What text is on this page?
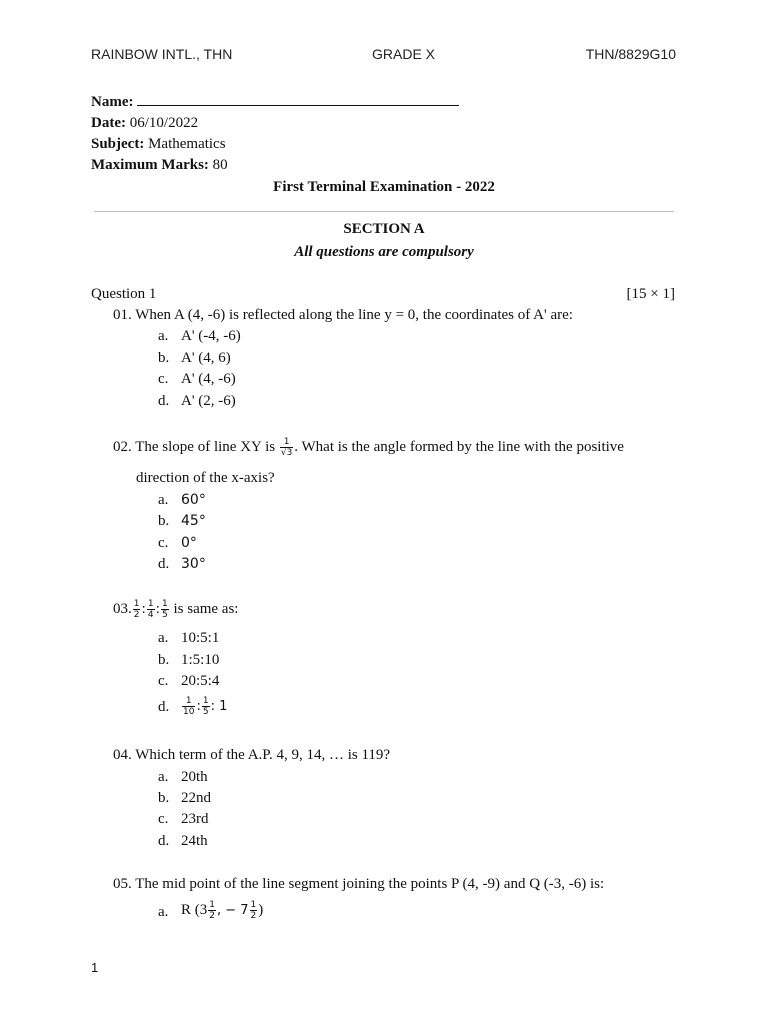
RAINBOW INTL., THN	GRADE X	THN/8829G10
Name:
Date: 06/10/2022
Subject: Mathematics
Maximum Marks: 80
First Terminal Examination - 2022
SECTION A
All questions are compulsory
Question 1	[15 × 1]
01. When A (4, -6) is reflected along the line y = 0, the coordinates of A' are:
a. A' (-4, -6)
b. A' (4, 6)
c. A' (4, -6)
d. A' (2, -6)
02. The slope of line XY is $\frac{1}{√3}$ . What is the angle formed by the line with the positive
direction of the x-axis?
a. 60°
b. 45°
c. 0°
d. 30°
03. $\frac{1}{2}$ : $\frac{1}{4}$ : $\frac{1}{5}$ is same as:
a. 10:5:1
b. 1:5:10
c. 20:5:4
d. $\frac{1}{10}$ : $\frac{1}{5}$ : 1
04. Which term of the A.P. 4, 9, 14, … is 119?
a. 20th
b. 22nd
c. 23rd
d. 24th
05. The mid point of the line segment joining the points P (4, -9) and Q (-3, -6) is:
a. R ($3 \frac{1}{2}$ , − $7 \frac{1}{2}$ )
1
